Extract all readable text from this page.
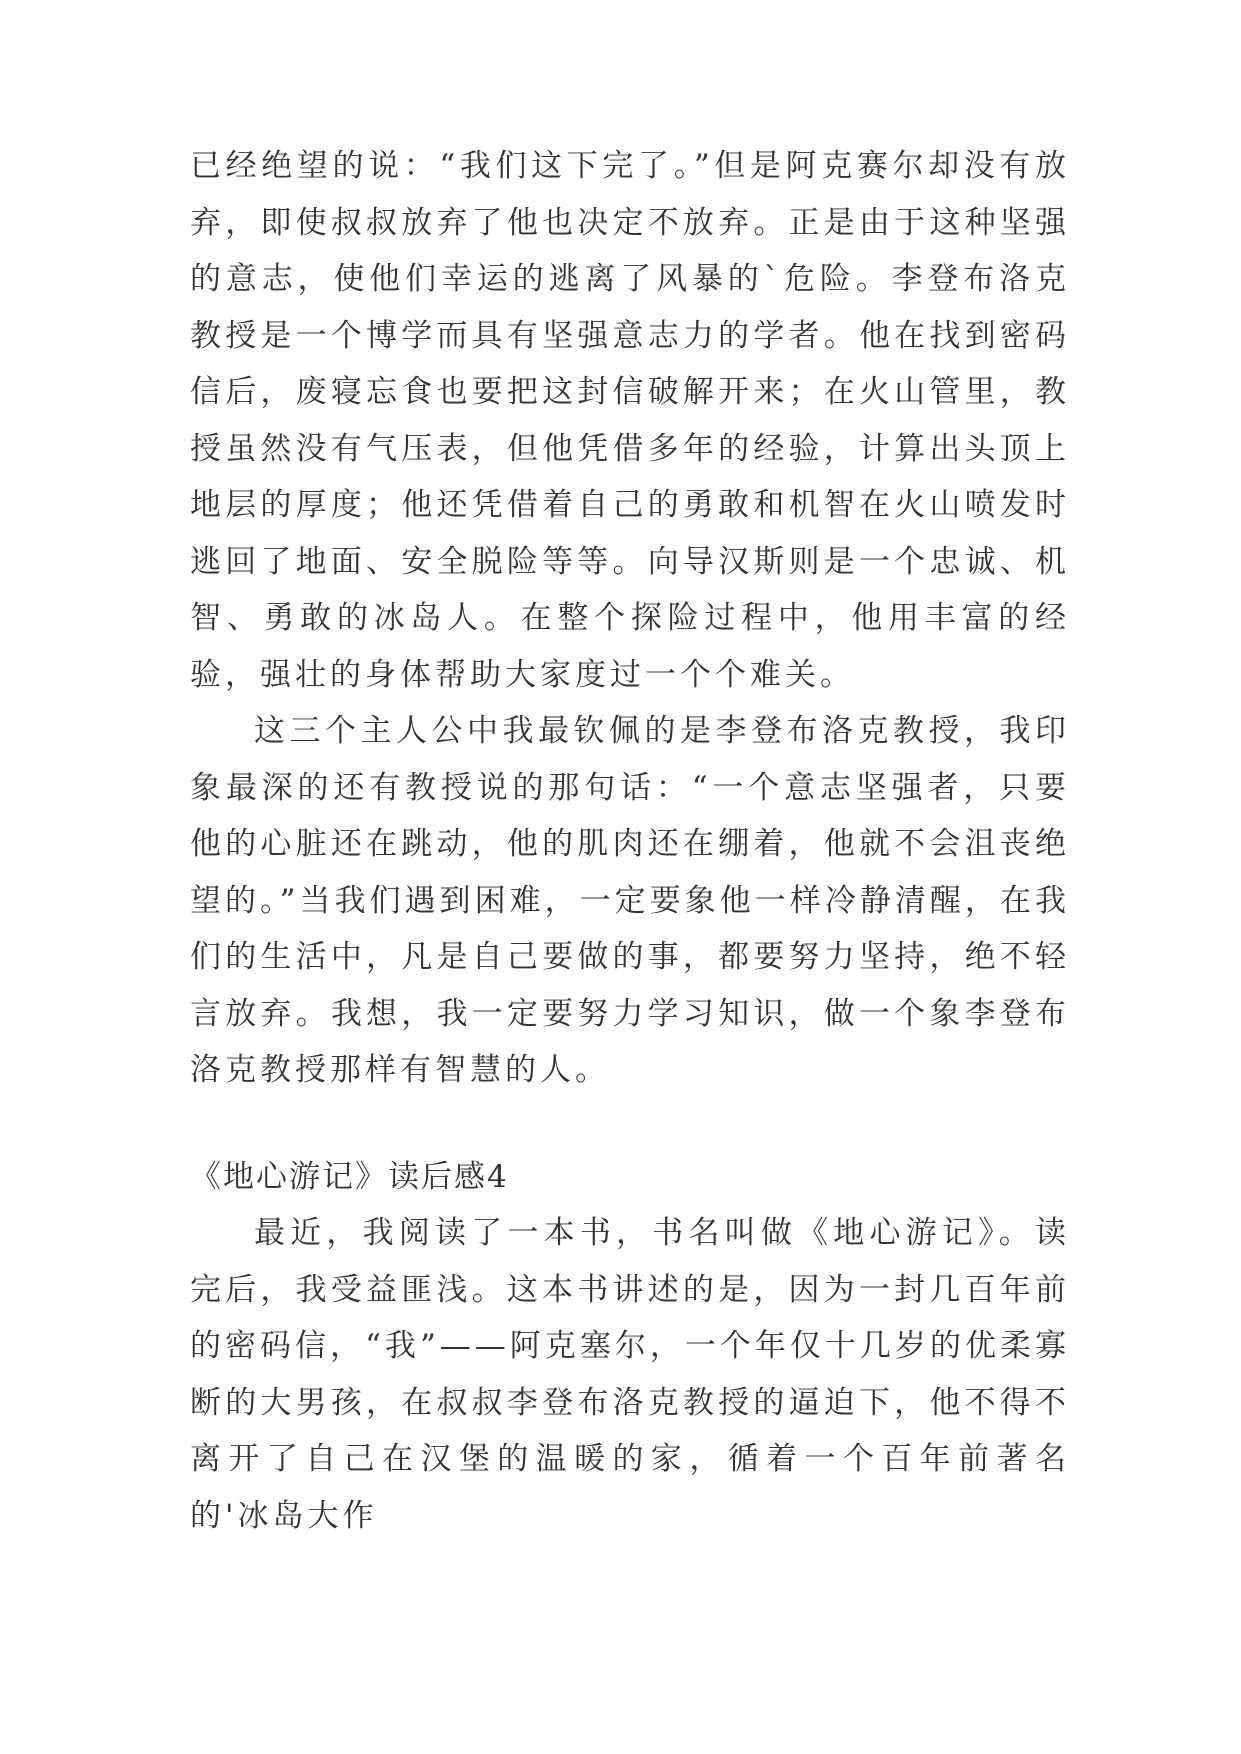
已经绝望的说：“我们这下完了。”但是阿克赛尔却没有放弃，即使叔叔放弃了他也决定不放弃。正是由于这种坚强的意志，使他们幸运的逃离了风暴的`危险。李登布洛克教授是一个博学而具有坚强意志力的学者。他在找到密码信后，废寝忘食也要把这封信破解开来；在火山管里，教授虽然没有气压表，但他凭借多年的经验，计算出头顶上地层的厚度；他还凭借着自己的勇敢和机智在火山喷发时逃回了地面、安全脱险等等。向导汉斯则是一个忠诚、机智、勇敢的冰岛人。在整个探险过程中，他用丰富的经验，强壮的身体帮助大家度过一个个难关。

这三个主人公中我最钦佩的是李登布洛克教授，我印象最深的还有教授说的那句话：“一个意志坚强者，只要他的心脏还在跳动，他的肌肉还在绷着，他就不会沮丧绝望的。”当我们遇到困难，一定要象他一样冷静清醒，在我们的生活中，凡是自己要做的事，都要努力坚持，绝不轻言放弃。我想，我一定要努力学习知识，做一个象李登布洛克教授那样有智慧的人。

《地心游记》读后感4

最近，我阅读了一本书，书名叫做《地心游记》。读完后，我受益匪浅。这本书讲述的是，因为一封几百年前的密码信，“我”——阿克塞尔，一个年仅十几岁的优柔寡断的大男孩，在叔叔李登布洛克教授的逼迫下，他不得不离开了自己在汉堡的温暖的家，循着一个百年前著名的'冰岛大作
